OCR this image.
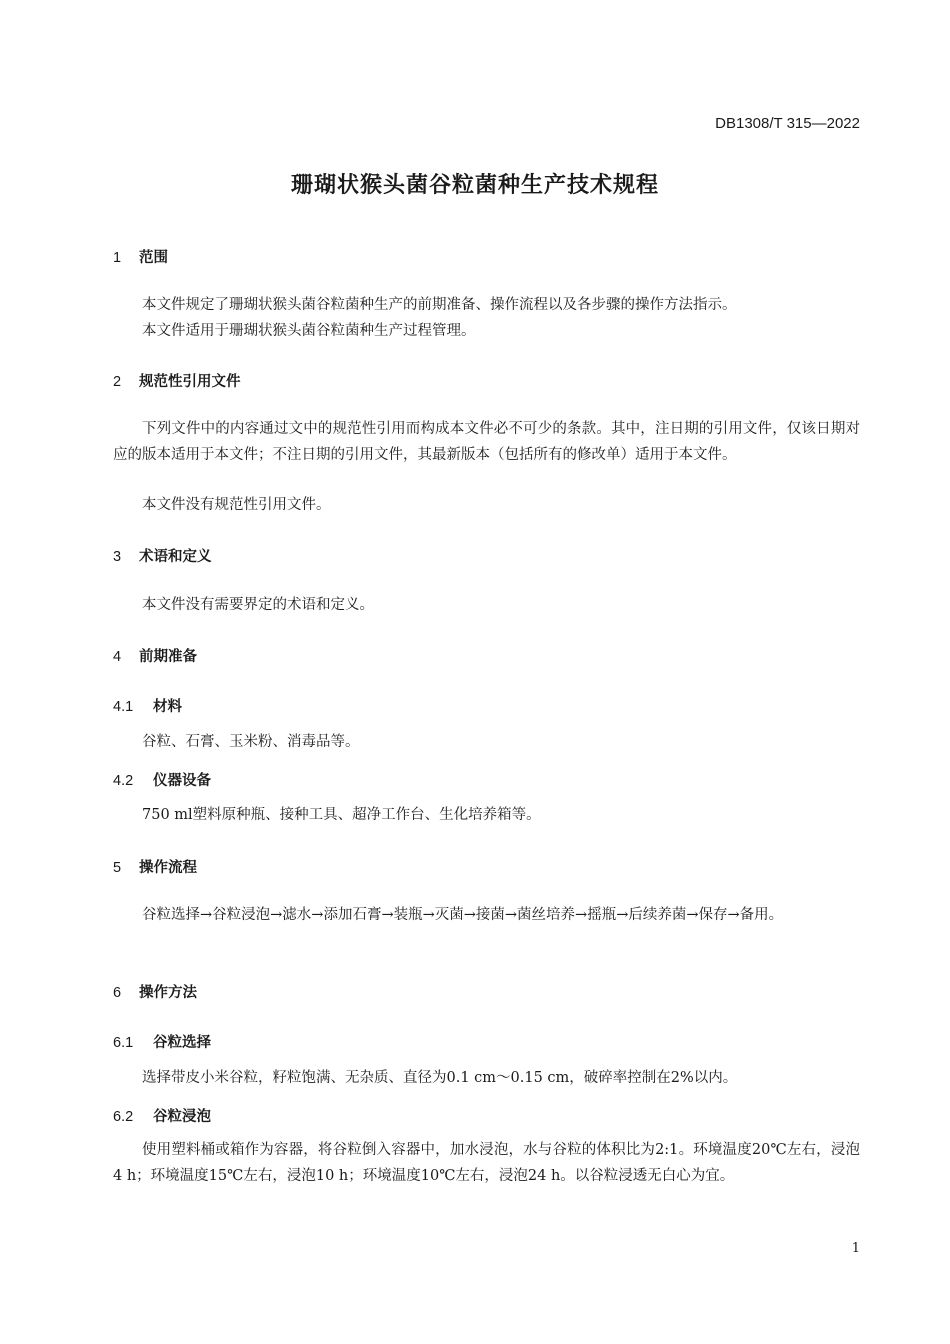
DB1308/T 315—2022
珊瑚状猴头菌谷粒菌种生产技术规程
1 范围
本文件规定了珊瑚状猴头菌谷粒菌种生产的前期准备、操作流程以及各步骤的操作方法指示。
本文件适用于珊瑚状猴头菌谷粒菌种生产过程管理。
2 规范性引用文件
下列文件中的内容通过文中的规范性引用而构成本文件必不可少的条款。其中，注日期的引用文件，仅该日期对应的版本适用于本文件；不注日期的引用文件，其最新版本（包括所有的修改单）适用于本文件。
本文件没有规范性引用文件。
3 术语和定义
本文件没有需要界定的术语和定义。
4 前期准备
4.1 材料
谷粒、石膏、玉米粉、消毒品等。
4.2 仪器设备
750 ml塑料原种瓶、接种工具、超净工作台、生化培养箱等。
5 操作流程
谷粒选择→谷粒浸泡→滤水→添加石膏→装瓶→灭菌→接菌→菌丝培养→摇瓶→后续养菌→保存→备用。
6 操作方法
6.1 谷粒选择
选择带皮小米谷粒，籽粒饱满、无杂质、直径为0.1 cm～0.15 cm，破碎率控制在2%以内。
6.2 谷粒浸泡
使用塑料桶或箱作为容器，将谷粒倒入容器中，加水浸泡，水与谷粒的体积比为2:1。环境温度20℃左右，浸泡4 h；环境温度15℃左右，浸泡10 h；环境温度10℃左右，浸泡24 h。以谷粒浸透无白心为宜。
1
